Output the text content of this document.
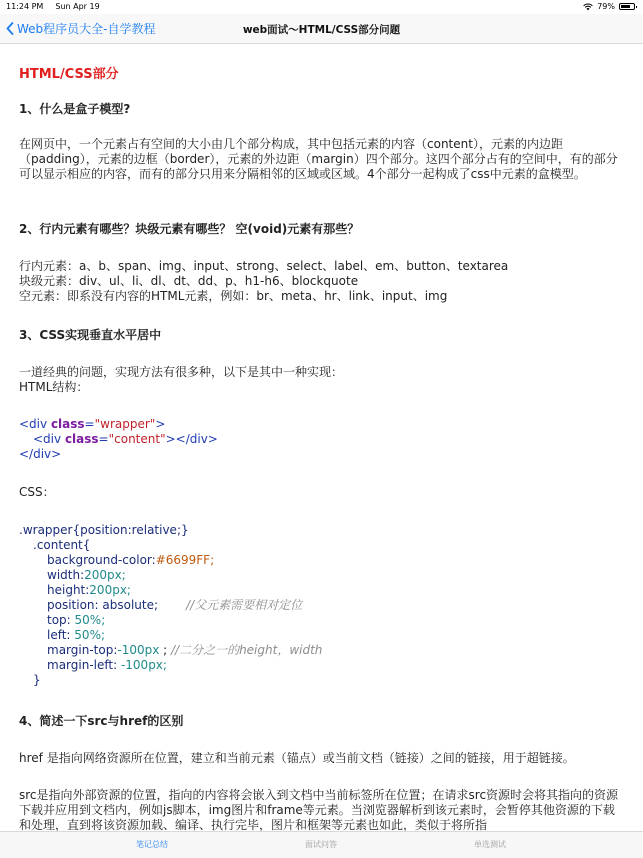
11:24 PM Sun Apr 19	79%
Web程序员大全-自学教程	web面试～HTML/CSS部分问题
HTML/CSS部分
1、什么是盒子模型?
在网页中，一个元素占有空间的大小由几个部分构成，其中包括元素的内容（content），元素的内边距（padding），元素的边框（border），元素的外边距（margin）四个部分。这四个部分占有的空间中，有的部分可以显示相应的内容，而有的部分只用来分隔相邻的区域或区域。4个部分一起构成了css中元素的盒模型。
2、行内元素有哪些？块级元素有哪些？ 空(void)元素有那些？
行内元素：a、b、span、img、input、strong、select、label、em、button、textarea
块级元素：div、ul、li、dl、dt、dd、p、h1-h6、blockquote
空元素：即系没有内容的HTML元素，例如：br、meta、hr、link、input、img
3、CSS实现垂直水平居中
一道经典的问题，实现方法有很多种，以下是其中一种实现：
HTML结构：
<div class="wrapper">
<div class="content"></div>
</div>
CSS：
.wrapper{position:relative;}
.content{
background-color:#6699FF;
width:200px;
height:200px;
position: absolute; //父元素需要相对定位
top: 50%;
left: 50%;
margin-top:-100px ; //二分之一的height，width
margin-left: -100px;
}
4、简述一下src与href的区别
href 是指向网络资源所在位置，建立和当前元素（锚点）或当前文档（链接）之间的链接，用于超链接。
src是指向外部资源的位置，指向的内容将会嵌入到文档中当前标签所在位置；在请求src资源时会将其指向的资源下载并应用到文档内，例如js脚本，img图片和frame等元素。当浏览器解析到该元素时，会暂停其他资源的下载和处理，直到将该资源加载、编译、执行完毕，图片和框架等元素也如此，类似于将所指
笔记总结	面试问答	单选测试
